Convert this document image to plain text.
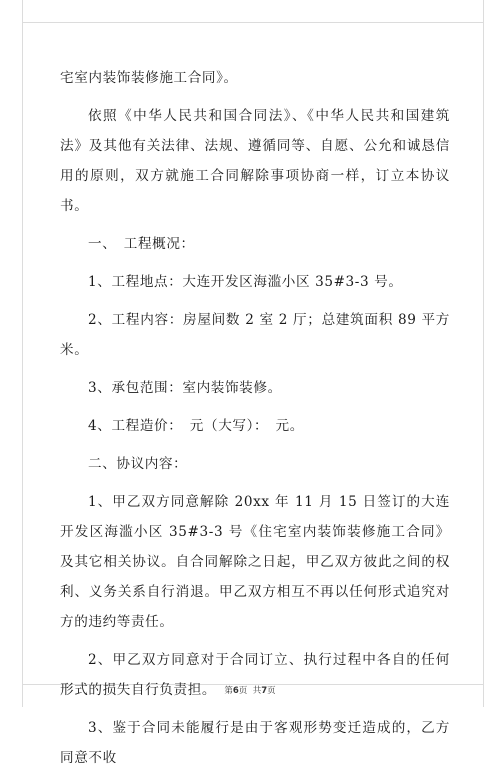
宅室内装饰装修施工合同》。

依照《中华人民共和国合同法》、《中华人民共和国建筑法》及其他有关法律、法规、遵循同等、自愿、公允和诚恳信用的原则，双方就施工合同解除事项协商一样，订立本协议书。

一、　工程概况：

1、工程地点：大连开发区海滥小区 35#3-3 号。

2、工程内容：房屋间数 2 室 2 厅；总建筑面积 89 平方米。

3、承包范围：室内装饰装修。

4、工程造价：　元（大写）：　元。

二、协议内容：

1、甲乙双方同意解除 20xx 年 11 月 15 日签订的大连开发区海滥小区 35#3-3 号《住宅室内装饰装修施工合同》及其它相关协议。自合同解除之日起，甲乙双方彼此之间的权利、义务关系自行消退。甲乙双方相互不再以任何形式追究对方的违约等责任。

2、甲乙双方同意对于合同订立、执行过程中各自的任何形式的损失自行负责担。

3、鉴于合同未能履行是由于客观形势变迁造成的，乙方同意不收

第6页 共7页
